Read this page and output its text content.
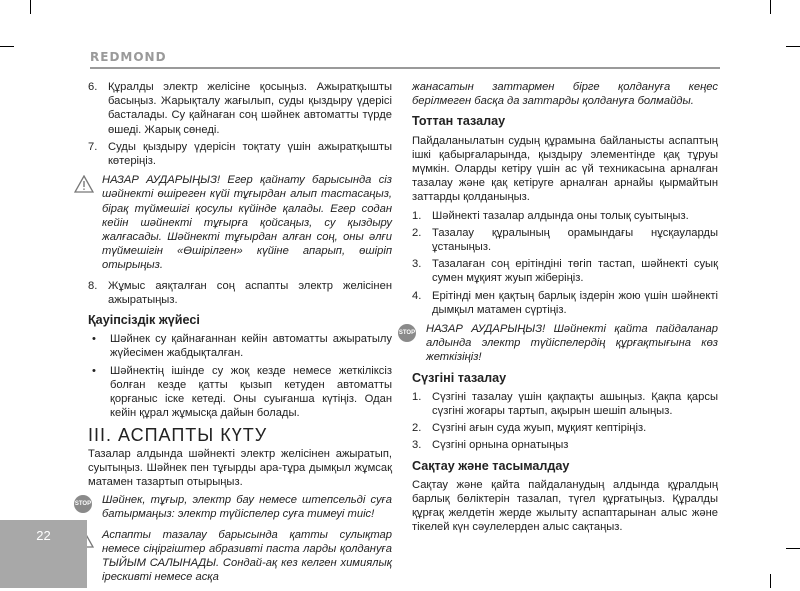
REDMOND
6. Құралды электр желісіне қосыңыз. Ажыратқышты басыңыз. Жарықталу жағылып, суды қыздыру үдерісі басталады. Су қайнаған соң шәйнек автоматты түрде өшеді. Жарық сөнеді.
7. Суды қыздыру үдерісін тоқтату үшін ажыратқышты көтеріңіз.
НАЗАР АУДАРЫҢЫЗ! Егер қайнату барысында сіз шәйнекті өшіреген күйі тұғырдан алып тастасаңыз, бірақ түймешігі қосулы күйінде қалады. Егер содан кейін шәйнекті тұғырға қойсаңыз, су қыздыру жалғасады. Шәйнекті тұғырдан алған соң, оны әлғи түймешігін «Өшірілген» күйіне апарып, өшіріп отырыңыз.
8. Жұмыс аяқталған соң аспапты электр желісінен ажыратыңыз.
Қауіпсіздік жүйесі
•	Шәйнек су қайнағаннан кейін автоматты ажыратылу жүйесімен жабдықталған.
•	Шәйнектің ішінде су жоқ кезде немесе жеткіліксіз болған кезде қатты қызып кетуден автоматты қорғаныс іске кетеді. Оны суығанша күтіңіз. Одан кейін құрал жұмысқа дайын болады.
III. АСПАПТЫ КҮТУ

Тазалар алдында шәйнекті электр желісінен ажыратып, суытыңыз. Шәйнек пен тұғырды ара-тұра дымқыл жұмсақ матамен тазартып отырыңыз.

STOP Шәйнек, тұғыр, электр бау немесе штепсельді суға батырмаңыз: электр түйіспелер суға тимеуі тиіс!
Аспапты тазалау барысында қатты сулықтар немесе сіңіргіштер абразивті паста ларды қолдануға ТЫЙЫМ САЛЫНАДЫ. Сондай-ақ кез келген химиялық ірескивті немесе асқа

жанасатын заттармен бірге қолдануға кеңес берілмеген басқа да заттарды қолдануға болмайды.

Тоттан тазалау

Пайдаланылатын судың құрамына байланысты аспаптың ішкі қабырғаларында, қыздыру элементінде қақ тұруы мүмкін. Оларды кетіру үшін ас үй техникасына арналған тазалау және қақ кетіруге арналған арнайы қырмайтын заттарды қолданыңыз.

1. Шәйнекті тазалар алдында оны толық суытыңыз.
2. Тазалау құралының орамындағы нұсқауларды ұстаныңыз.
3. Тазалаған соң ерітіндіні төгіп тастап, шәйнекті суық сумен мұқият жуып жіберіңіз.
4. Ерітінді мен қақтың барлық іздерін жою үшін шәйнекті дымқыл матамен сүртіңіз.
STOP НАЗАР АУДАРЫҢЫЗ! Шәйнекті қайта пайдаланар алдында электр түйіспелердің құрғақтығына көз жеткізіңіз!
Сүзгіні тазалау
1. Сүзгіні тазалау үшін қақпақты ашыңыз. Қақпа қарсы сүзгіні жоғары тартып, ақырын шешіп алыңыз.
2. Сүзгіні ағын суда жуып, мұқият кептіріңіз.
3. Сүзгіні орнына орнатыңыз
Сақтау және тасымалдау

Сақтау және қайта пайдаланудың алдында құралдың барлық бөліктерін тазалап, түгел құрғатыңыз. Құралды құрғақ желдетін жерде жылыту аспаптарынан алыс және тікелей күн сәулелерден алыс сақтаңыз.

22
